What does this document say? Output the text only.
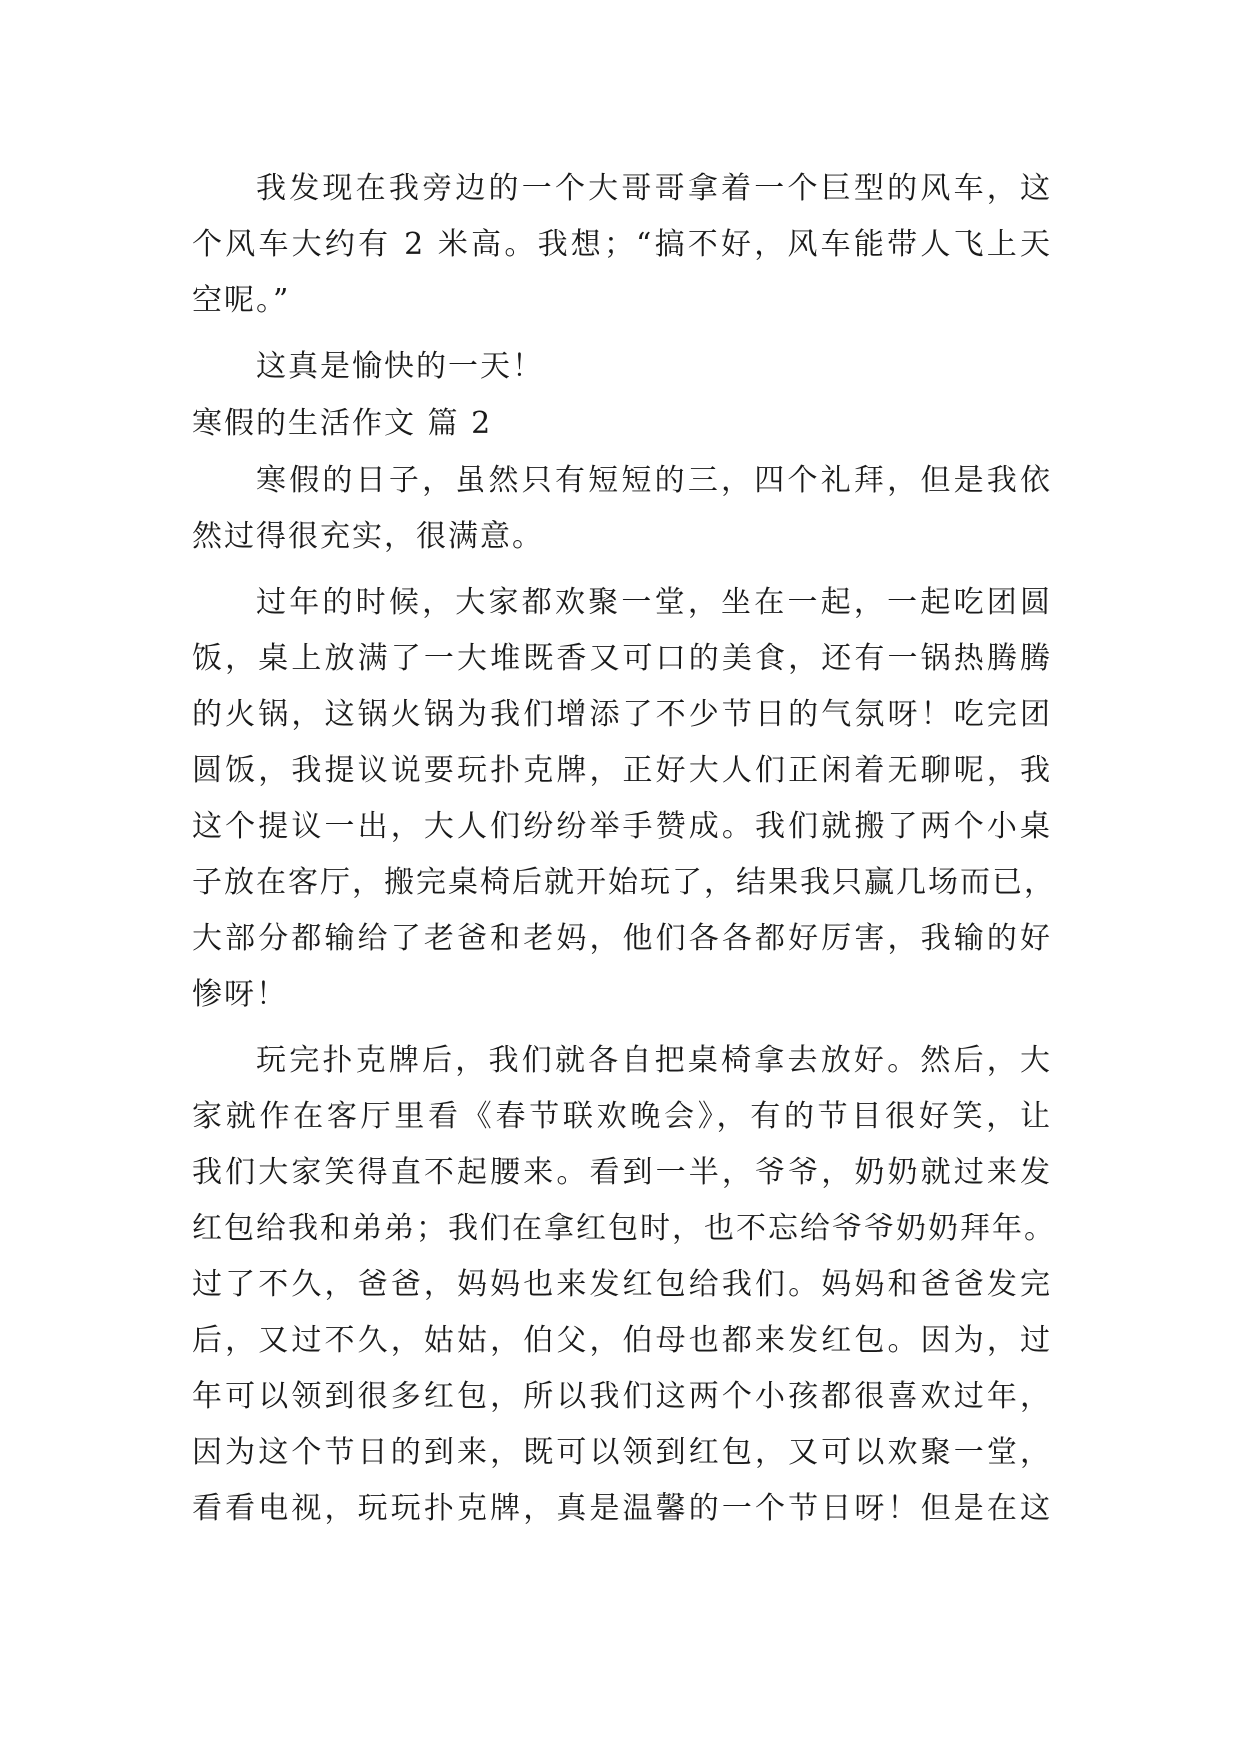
我发现在我旁边的一个大哥哥拿着一个巨型的风车，这
个风车大约有 2 米高。我想；“搞不好，风车能带人飞上天
空呢。”
这真是愉快的一天！
寒假的生活作文 篇 2
寒假的日子，虽然只有短短的三，四个礼拜，但是我依
然过得很充实，很满意。
过年的时候，大家都欢聚一堂，坐在一起，一起吃团圆
饭，桌上放满了一大堆既香又可口的美食，还有一锅热腾腾
的火锅，这锅火锅为我们增添了不少节日的气氛呀！吃完团
圆饭，我提议说要玩扑克牌，正好大人们正闲着无聊呢，我
这个提议一出，大人们纷纷举手赞成。我们就搬了两个小桌
子放在客厅，搬完桌椅后就开始玩了，结果我只赢几场而已，
大部分都输给了老爸和老妈，他们各各都好厉害，我输的好
惨呀！
玩完扑克牌后，我们就各自把桌椅拿去放好。然后，大
家就作在客厅里看《春节联欢晚会》，有的节目很好笑，让
我们大家笑得直不起腰来。看到一半，爷爷，奶奶就过来发
红包给我和弟弟；我们在拿红包时，也不忘给爷爷奶奶拜年。
过了不久，爸爸，妈妈也来发红包给我们。妈妈和爸爸发完
后，又过不久，姑姑，伯父，伯母也都来发红包。因为，过
年可以领到很多红包，所以我们这两个小孩都很喜欢过年，
因为这个节日的到来，既可以领到红包，又可以欢聚一堂，
看看电视，玩玩扑克牌，真是温馨的一个节日呀！但是在这
